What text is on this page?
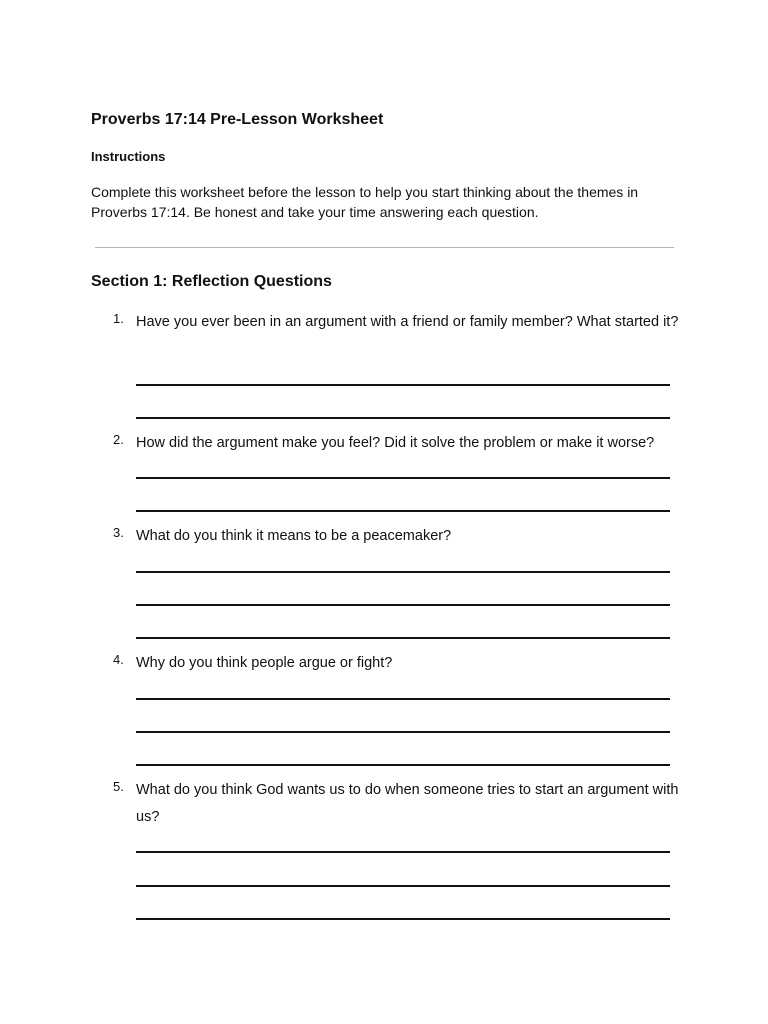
Proverbs 17:14 Pre-Lesson Worksheet
Instructions

Complete this worksheet before the lesson to help you start thinking about the themes in Proverbs 17:14. Be honest and take your time answering each question.

Section 1: Reflection Questions
1. Have you ever been in an argument with a friend or family member? What started it?
2. How did the argument make you feel? Did it solve the problem or make it worse?
3. What do you think it means to be a peacemaker?
4. Why do you think people argue or fight?
5. What do you think God wants us to do when someone tries to start an argument with us?
